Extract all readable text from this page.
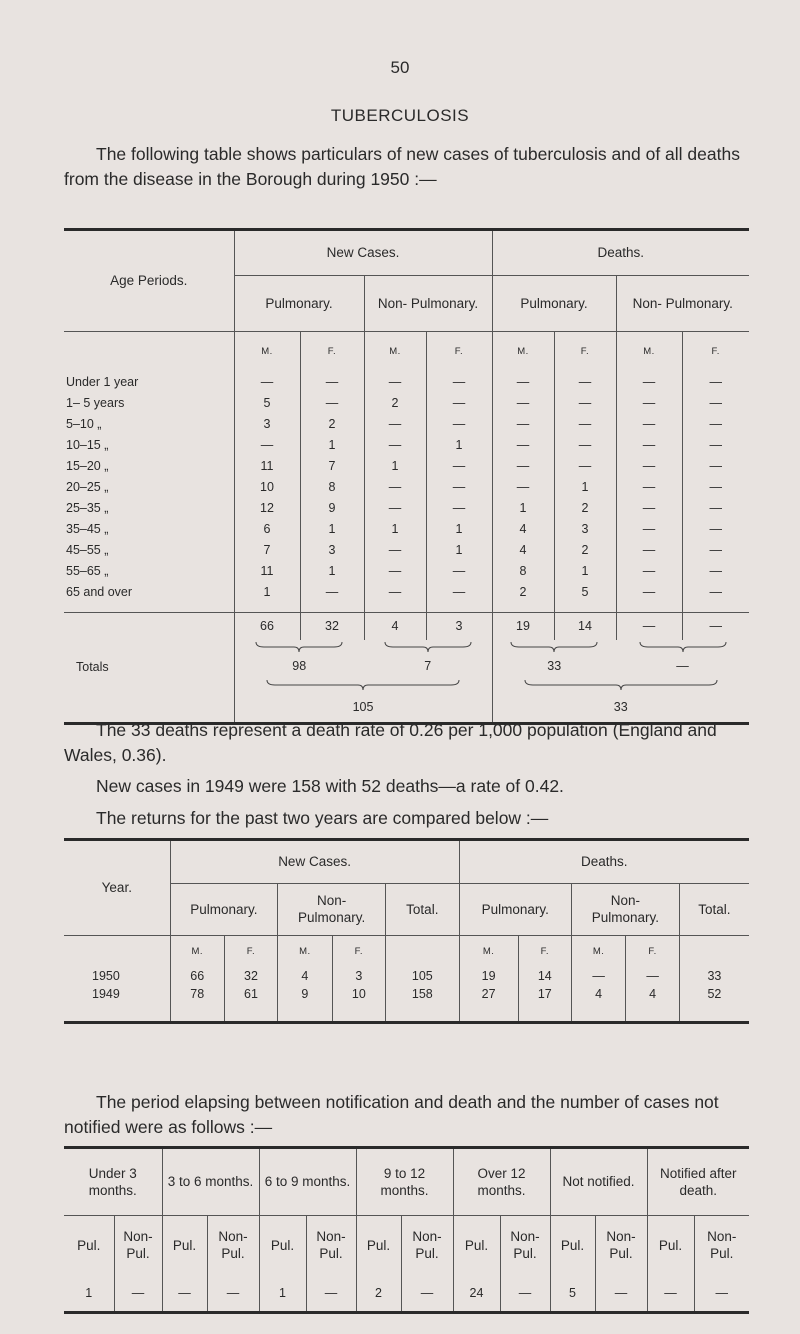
50
TUBERCULOSIS
The following table shows particulars of new cases of tuberculosis and of all deaths from the disease in the Borough during 1950 :—

Age Periods.	New Cases.				Deaths.			
	Pulmonary.		Non- Pulmonary.		Pulmonary.		Non- Pulmonary.	
	M.	F.	M.	F.	M.	F.	M.	F.
Under 1 year	—	—	—	—	—	—	—	—
1– 5 years	5	—	2	—	—	—	—	—
5–10 „	3	2	—	—	—	—	—	—
10–15 „	—	1	—	1	—	—	—	—
15–20 „	11	7	1	—	—	—	—	—
20–25 „	10	8	—	—	—	1	—	—
25–35 „	12	9	—	—	1	2	—	—
35–45 „	6	1	1	1	4	3	—	—
45–55 „	7	3	—	1	4	2	—	—
55–65 „	11	1	—	—	8	1	—	—
65 and over	1	—	—	—	2	5	—	—

Totals	66	32	4	3	19	14	—	—

	98		7		33		—	

	105				33			

The 33 deaths represent a death rate of 0.26 per 1,000 population (England and Wales, 0.36).
New cases in 1949 were 158 with 52 deaths—a rate of 0.42.
The returns for the past two years are compared below :—

Year.	New Cases.					Deaths.				
	Pulmonary.		Non- Pulmonary.		Total.	Pulmonary.		Non- Pulmonary.		Total.

	M.	F.	M.	F.		M.	F.	M.	F.	
1950	66	32	4	3	105	19	14	—	—	33
1949	78	61	9	10	158	27	17	4	4	52

The period elapsing between notification and death and the number of cases not notified were as follows :—

Under 3 months.		3 to 6 months.		6 to 9 months.		9 to 12 months.		Over 12 months.		Not notified.		Notified after death.	
Pul.	Non- Pul.	Pul.	Non- Pul.	Pul.	Non- Pul.	Pul.	Non- Pul.	Pul.	Non- Pul.	Pul.	Non- Pul.	Pul.	Non- Pul.
1	—	—	—	1	—	2	—	24	—	5	—	—	—
